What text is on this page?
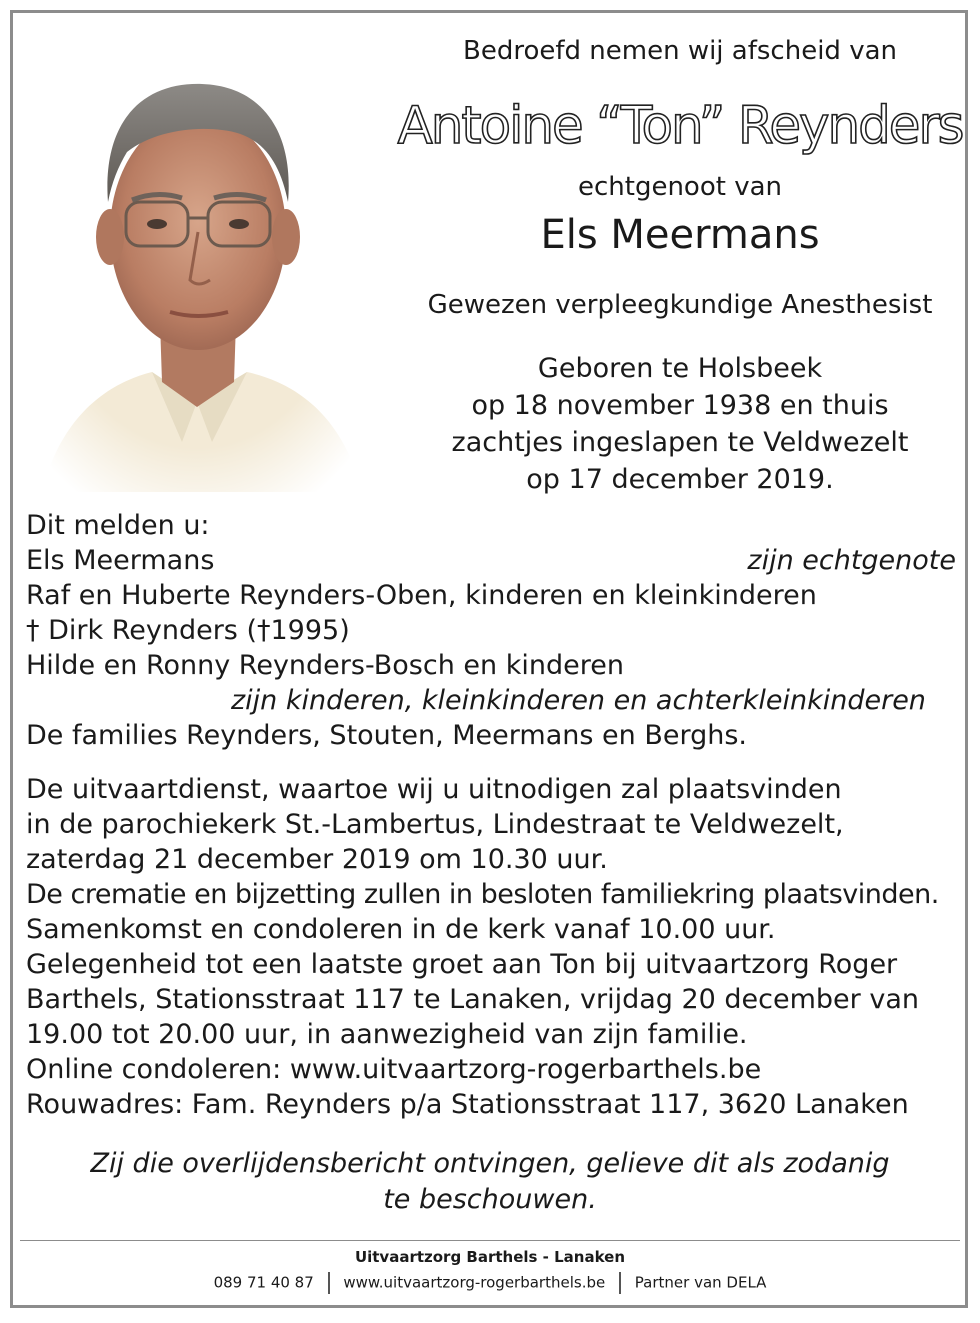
Bedroefd nemen wij afscheid van
Antoine “Ton” Reynders
echtgenoot van
Els Meermans
Gewezen verpleegkundige Anesthesist
Geboren te Holsbeek
op 18 november 1938 en thuis
zachtjes ingeslapen te Veldwezelt
op 17 december 2019.
Dit melden u:
Els Meermans	zijn echtgenote
Raf en Huberte Reynders-Oben, kinderen en kleinkinderen
† Dirk Reynders (†1995)
Hilde en Ronny Reynders-Bosch en kinderen
zijn kinderen, kleinkinderen en achterkleinkinderen
De families Reynders, Stouten, Meermans en Berghs.
De uitvaartdienst, waartoe wij u uitnodigen zal plaatsvinden
in de parochiekerk St.-Lambertus, Lindestraat te Veldwezelt,
zaterdag 21 december 2019 om 10.30 uur.
De crematie en bijzetting zullen in besloten familiekring plaatsvinden.
Samenkomst en condoleren in de kerk vanaf 10.00 uur.
Gelegenheid tot een laatste groet aan Ton bij uitvaartzorg Roger
Barthels, Stationsstraat 117 te Lanaken, vrijdag 20 december van
19.00 tot 20.00 uur, in aanwezigheid van zijn familie.
Online condoleren: www.uitvaartzorg-rogerbarthels.be
Rouwadres: Fam. Reynders p/a Stationsstraat 117, 3620 Lanaken
Zij die overlijdensbericht ontvingen, gelieve dit als zodanig
te beschouwen.
Uitvaartzorg Barthels - Lanaken
089 71 40 87 www.uitvaartzorg-rogerbarthels.be Partner van DELA
